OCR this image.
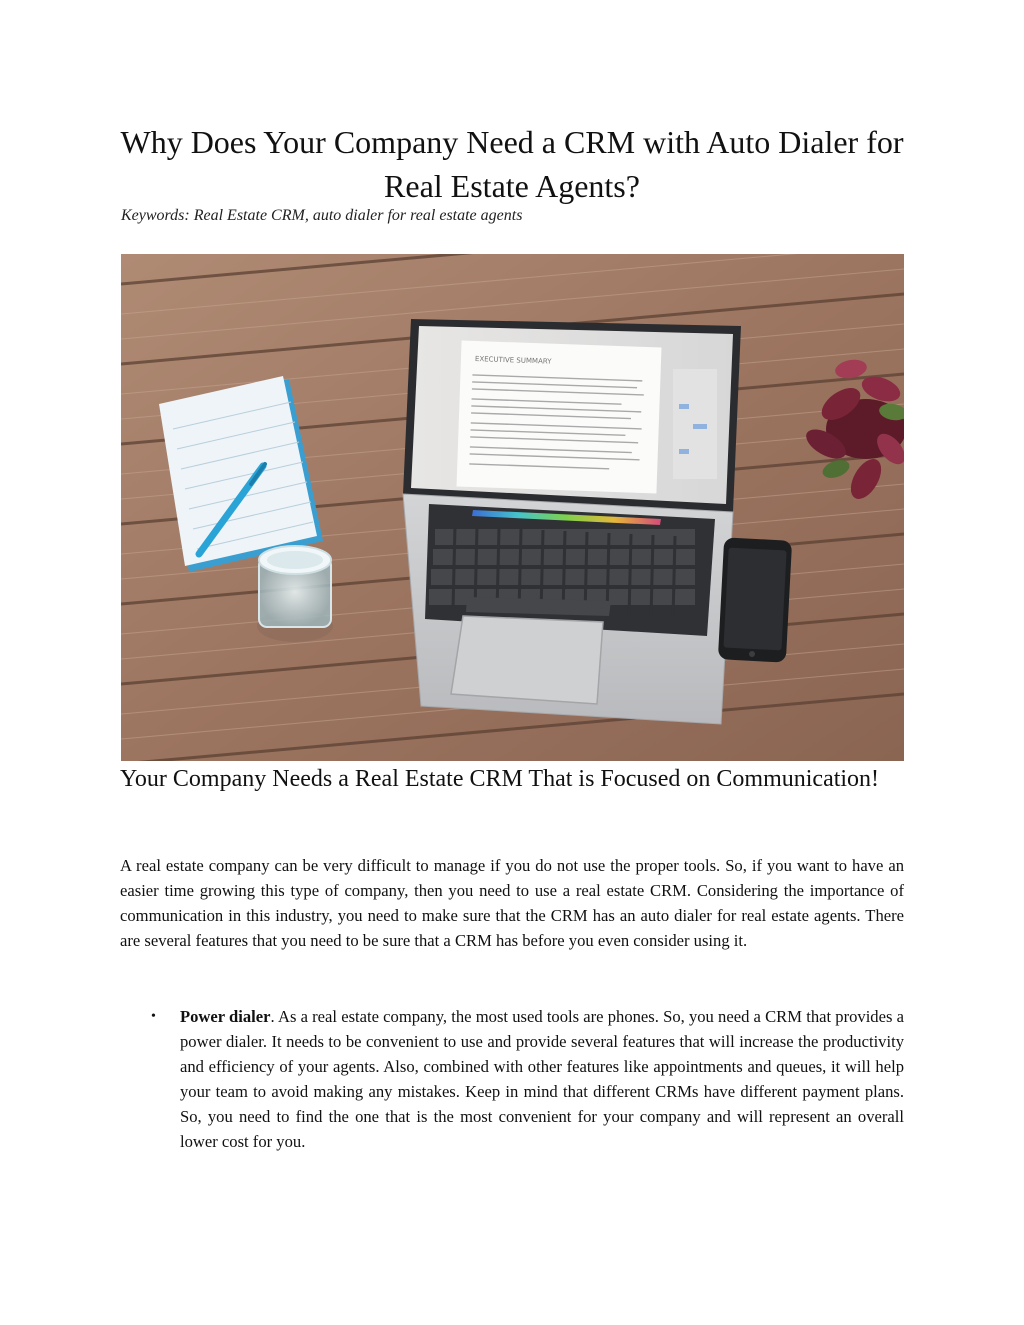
Why Does Your Company Need a CRM with Auto Dialer for Real Estate Agents?
Keywords: Real Estate CRM, auto dialer for real estate agents
EXECUTIVE SUMMARY
Your Company Needs a Real Estate CRM That is Focused on Communication!

A real estate company can be very difficult to manage if you do not use the proper tools. So, if you want to have an easier time growing this type of company, then you need to use a real estate CRM. Considering the importance of communication in this industry, you need to make sure that the CRM has an auto dialer for real estate agents. There are several features that you need to be sure that a CRM has before you even consider using it.

• Power dialer. As a real estate company, the most used tools are phones. So, you need a CRM that provides a power dialer. It needs to be convenient to use and provide several features that will increase the productivity and efficiency of your agents. Also, combined with other features like appointments and queues, it will help your team to avoid making any mistakes. Keep in mind that different CRMs have different payment plans. So, you need to find the one that is the most convenient for your company and will represent an overall lower cost for you.
